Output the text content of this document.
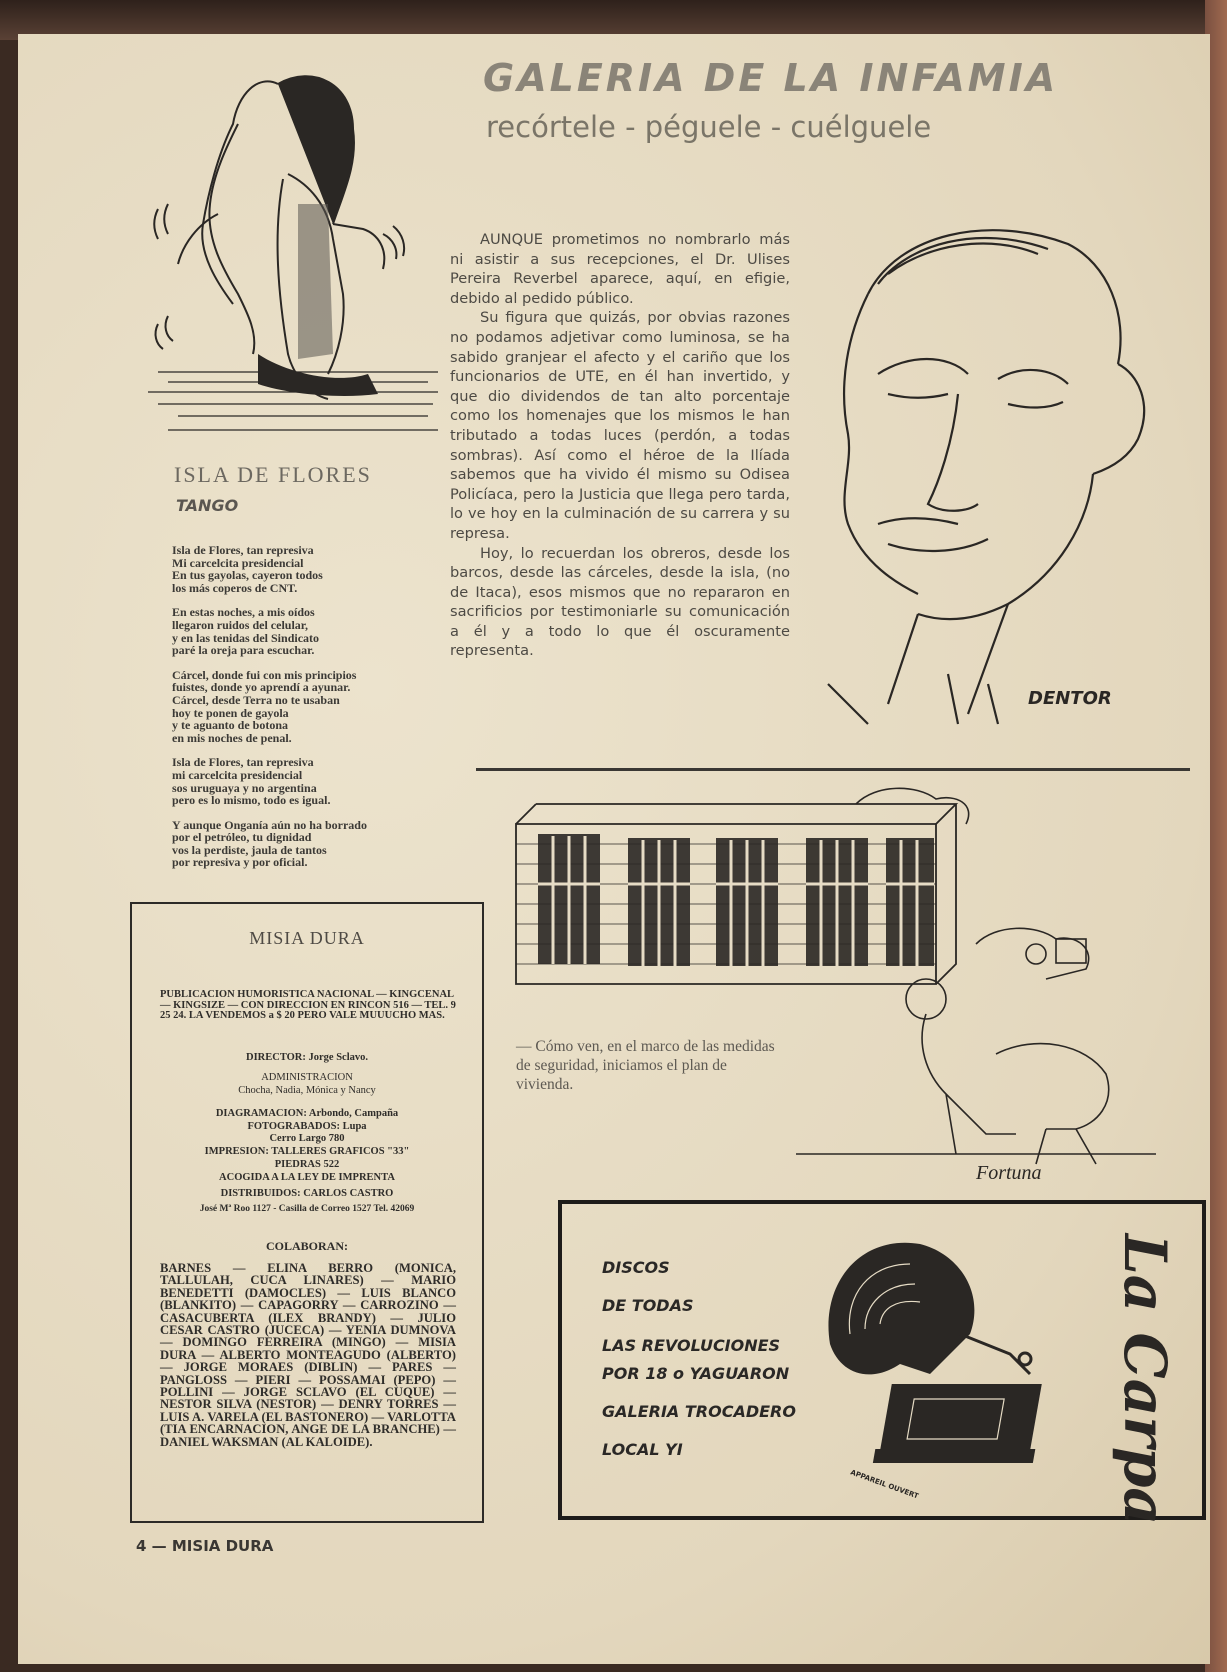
GALERIA DE LA INFAMIA
recórtele - péguele - cuélguele

AUNQUE prometimos no nombrarlo más ni asistir a sus recepciones, el Dr. Ulises Pereira Reverbel aparece, aquí, en efigie, debido al pedido público.

Su figura que quizás, por obvias razones no podamos adjetivar como luminosa, se ha sabido granjear el afecto y el cariño que los funcionarios de UTE, en él han invertido, y que dio dividendos de tan alto porcentaje como los homenajes que los mismos le han tributado a todas luces (perdón, a todas sombras). Así como el héroe de la Ilíada sabemos que ha vivido él mismo su Odisea Policíaca, pero la Justicia que llega pero tarda, lo ve hoy en la culminación de su carrera y su represa.

Hoy, lo recuerdan los obreros, desde los barcos, desde las cárceles, desde la isla, (no de Itaca), esos mismos que no repararon en sacrificios por testimoniarle su comunicación a él y a todo lo que él oscuramente representa.

DENTOR
ISLA DE FLORES
TANGO
Isla de Flores, tan represiva
Mi carcelcita presidencial
En tus gayolas, cayeron todos
los más coperos de CNT.
En estas noches, a mis oídos
llegaron ruidos del celular,
y en las tenidas del Sindicato
paré la oreja para escuchar.
Cárcel, donde fui con mis principios
fuistes, donde yo aprendí a ayunar.
Cárcel, desde Terra no te usaban
hoy te ponen de gayola
y te aguanto de botona
en mis noches de penal.
Isla de Flores, tan represiva
mi carcelcita presidencial
sos uruguaya y no argentina
pero es lo mismo, todo es igual.
Y aunque Onganía aún no ha borrado
por el petróleo, tu dignidad
vos la perdiste, jaula de tantos
por represiva y por oficial.
MISIA DURA
PUBLICACION HUMORISTICA NACIONAL — KINGCENAL — KINGSIZE — CON DIRECCION EN RINCON 516 — TEL. 9 25 24. LA VENDEMOS a $ 20 PERO VALE MUUUCHO MAS.
DIRECTOR: Jorge Sclavo.
ADMINISTRACION
Chocha, Nadia, Mónica y Nancy
DIAGRAMACION: Arbondo, Campaña
FOTOGRABADOS: Lupa
Cerro Largo 780
IMPRESION: TALLERES GRAFICOS "33"
PIEDRAS 522
ACOGIDA A LA LEY DE IMPRENTA
DISTRIBUIDOS: CARLOS CASTRO
José Mª Roo 1127 - Casilla de Correo 1527 Tel. 42069
COLABORAN:
BARNES — ELINA BERRO (MONICA, TALLULAH, CUCA LINARES) — MARIO BENEDETTI (DAMOCLES) — LUIS BLANCO (BLANKITO) — CAPAGORRY — CARROZINO — CASACUBERTA (ILEX BRANDY) — JULIO CESAR CASTRO (JUCECA) — YENIA DUMNOVA — DOMINGO FERREIRA (MINGO) — MISIA DURA — ALBERTO MONTEAGUDO (ALBERTO) — JORGE MORAES (DIBLIN) — PARES — PANGLOSS — PIERI — POSSAMAI (PEPO) — POLLINI — JORGE SCLAVO (EL CUQUE) — NESTOR SILVA (NESTOR) — DENRY TORRES — LUIS A. VARELA (EL BASTONERO) — VARLOTTA (TIA ENCARNACION, ANGE DE LA BRANCHE) — DANIEL WAKSMAN (AL KALOIDE).
Fortuna
— Cómo ven, en el marco de las medidas de seguridad, iniciamos el plan de vivienda.
DISCOS
DE TODAS
LAS REVOLUCIONES
POR 18 o YAGUARON
GALERIA TROCADERO
LOCAL YI
APPAREIL OUVERT	La Carpa
4 — MISIA DURA
